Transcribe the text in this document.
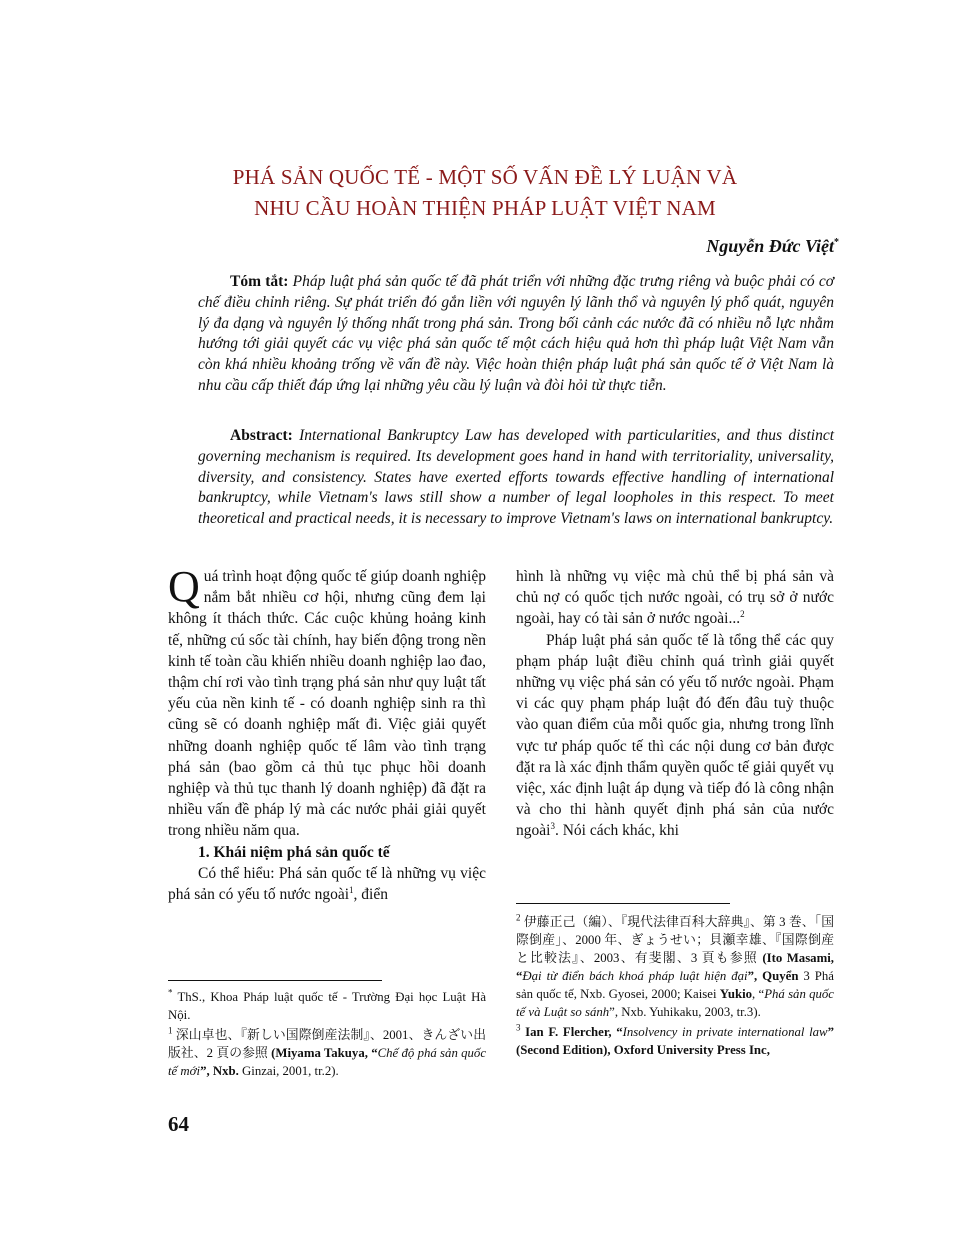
PHÁ SẢN QUỐC TẾ - MỘT SỐ VẤN ĐỀ LÝ LUẬN VÀ
NHU CẦU HOÀN THIỆN PHÁP LUẬT VIỆT NAM
Nguyễn Đức Việt*

Tóm tắt: Pháp luật phá sản quốc tế đã phát triển với những đặc trưng riêng và buộc phải có cơ chế điều chỉnh riêng. Sự phát triển đó gắn liền với nguyên lý lãnh thổ và nguyên lý phổ quát, nguyên lý đa dạng và nguyên lý thống nhất trong phá sản. Trong bối cảnh các nước đã có nhiều nỗ lực nhằm hướng tới giải quyết các vụ việc phá sản quốc tế một cách hiệu quả hơn thì pháp luật Việt Nam vẫn còn khá nhiều khoảng trống về vấn đề này. Việc hoàn thiện pháp luật phá sản quốc tế ở Việt Nam là nhu cầu cấp thiết đáp ứng lại những yêu cầu lý luận và đòi hỏi từ thực tiễn.

Abstract: International Bankruptcy Law has developed with particularities, and thus distinct governing mechanism is required. Its development goes hand in hand with territoriality, universality, diversity, and consistency. States have exerted efforts towards effective handling of international bankruptcy, while Vietnam's laws still show a number of legal loopholes in this respect. To meet theoretical and practical needs, it is necessary to improve Vietnam's laws on international bankruptcy.

Quá trình hoạt động quốc tế giúp doanh nghiệp nắm bắt nhiều cơ hội, nhưng cũng đem lại không ít thách thức. Các cuộc khủng hoảng kinh tế, những cú sốc tài chính, hay biến động trong nền kinh tế toàn cầu khiến nhiều doanh nghiệp lao đao, thậm chí rơi vào tình trạng phá sản như quy luật tất yếu của nền kinh tế - có doanh nghiệp sinh ra thì cũng sẽ có doanh nghiệp mất đi. Việc giải quyết những doanh nghiệp quốc tế lâm vào tình trạng phá sản (bao gồm cả thủ tục phục hồi doanh nghiệp và thủ tục thanh lý doanh nghiệp) đã đặt ra nhiều vấn đề pháp lý mà các nước phải giải quyết trong nhiều năm qua.

1. Khái niệm phá sản quốc tế

Có thể hiểu: Phá sản quốc tế là những vụ việc phá sản có yếu tố nước ngoài$^1$, điển

hình là những vụ việc mà chủ thể bị phá sản và chủ nợ có quốc tịch nước ngoài, có trụ sở ở nước ngoài, hay có tài sản ở nước ngoài...$^2$

Pháp luật phá sản quốc tế là tổng thể các quy phạm pháp luật điều chỉnh quá trình giải quyết những vụ việc phá sản có yếu tố nước ngoài. Phạm vi các quy phạm pháp luật đó đến đâu tuỳ thuộc vào quan điểm của mỗi quốc gia, nhưng trong lĩnh vực tư pháp quốc tế thì các nội dung cơ bản được đặt ra là xác định thẩm quyền quốc tế giải quyết vụ việc, xác định luật áp dụng và tiếp đó là công nhận và cho thi hành quyết định phá sản của nước ngoài$^3$. Nói cách khác, khi

* ThS., Khoa Pháp luật quốc tế - Trường Đại học Luật Hà Nội.

$^1$ 深山卓也、『新しい国際倒産法制』、2001、きんざい出版社、2 頁の参照 (Miyama Takuya, “Chế độ phá sản quốc tế mới”, Nxb. Ginzai, 2001, tr.2).

$^2$ 伊藤正己（編）、『現代法律百科大辞典』、第 3 巻、「国際倒産」、2000 年、ぎょうせい；貝瀬幸雄、『国際倒産と比較法』、2003、有斐閣、3 頁も参照 (Ito Masami, “Đại từ điển bách khoá pháp luật hiện đại”, Quyển 3 Phá sản quốc tế, Nxb. Gyosei, 2000; Kaisei Yukio, “Phá sản quốc tế và Luật so sánh”, Nxb. Yuhikaku, 2003, tr.3).

$^3$ Ian F. Flercher, “Insolvency in private international law” (Second Edition), Oxford University Press Inc,

64
